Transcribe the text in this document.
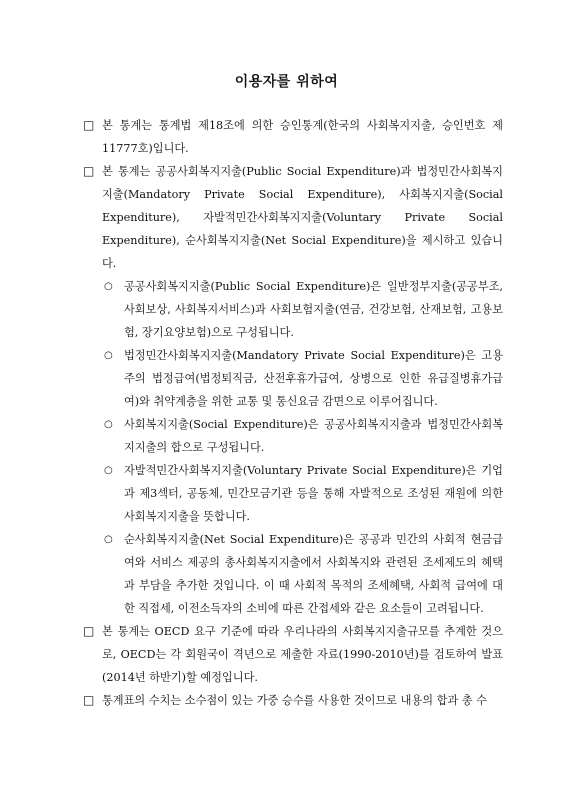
이용자를 위하여
□ 본 통계는 통계법 제18조에 의한 승인통계(한국의 사회복지지출, 승인번호 제 11777호)입니다.
□ 본 통계는 공공사회복지지출(Public Social Expenditure)과 법정민간사회복지지출(Mandatory Private Social Expenditure), 사회복지지출(Social Expenditure), 자발적민간사회복지지출(Voluntary Private Social Expenditure), 순사회복지지출(Net Social Expenditure)을 제시하고 있습니다.
○ 공공사회복지지출(Public Social Expenditure)은 일반정부지출(공공부조, 사회보상, 사회복지서비스)과 사회보험지출(연금, 건강보험, 산재보험, 고용보험, 장기요양보험)으로 구성됩니다.
○ 법정민간사회복지지출(Mandatory Private Social Expenditure)은 고용주의 법정급여(법정퇴직금, 산전후휴가급여, 상병으로 인한 유급질병휴가급여)와 취약계층을 위한 교통 및 통신요금 감면으로 이루어집니다.
○ 사회복지지출(Social Expenditure)은 공공사회복지지출과 법정민간사회복지지출의 합으로 구성됩니다.
○ 자발적민간사회복지지출(Voluntary Private Social Expenditure)은 기업과 제3섹터, 공동체, 민간모금기관 등을 통해 자발적으로 조성된 재원에 의한 사회복지지출을 뜻합니다.
○ 순사회복지지출(Net Social Expenditure)은 공공과 민간의 사회적 현금급여와 서비스 제공의 총사회복지지출에서 사회복지와 관련된 조세제도의 혜택과 부담을 추가한 것입니다. 이 때 사회적 목적의 조세혜택, 사회적 급여에 대한 직접세, 이전소득자의 소비에 따른 간접세와 같은 요소들이 고려됩니다.
□ 본 통계는 OECD 요구 기준에 따라 우리나라의 사회복지지출규모를 추계한 것으로, OECD는 각 회원국이 격년으로 제출한 자료(1990-2010년)를 검토하여 발표(2014년 하반기)할 예정입니다.
□ 통계표의 수치는 소수점이 있는 가중 승수를 사용한 것이므로 내용의 합과 총 수
